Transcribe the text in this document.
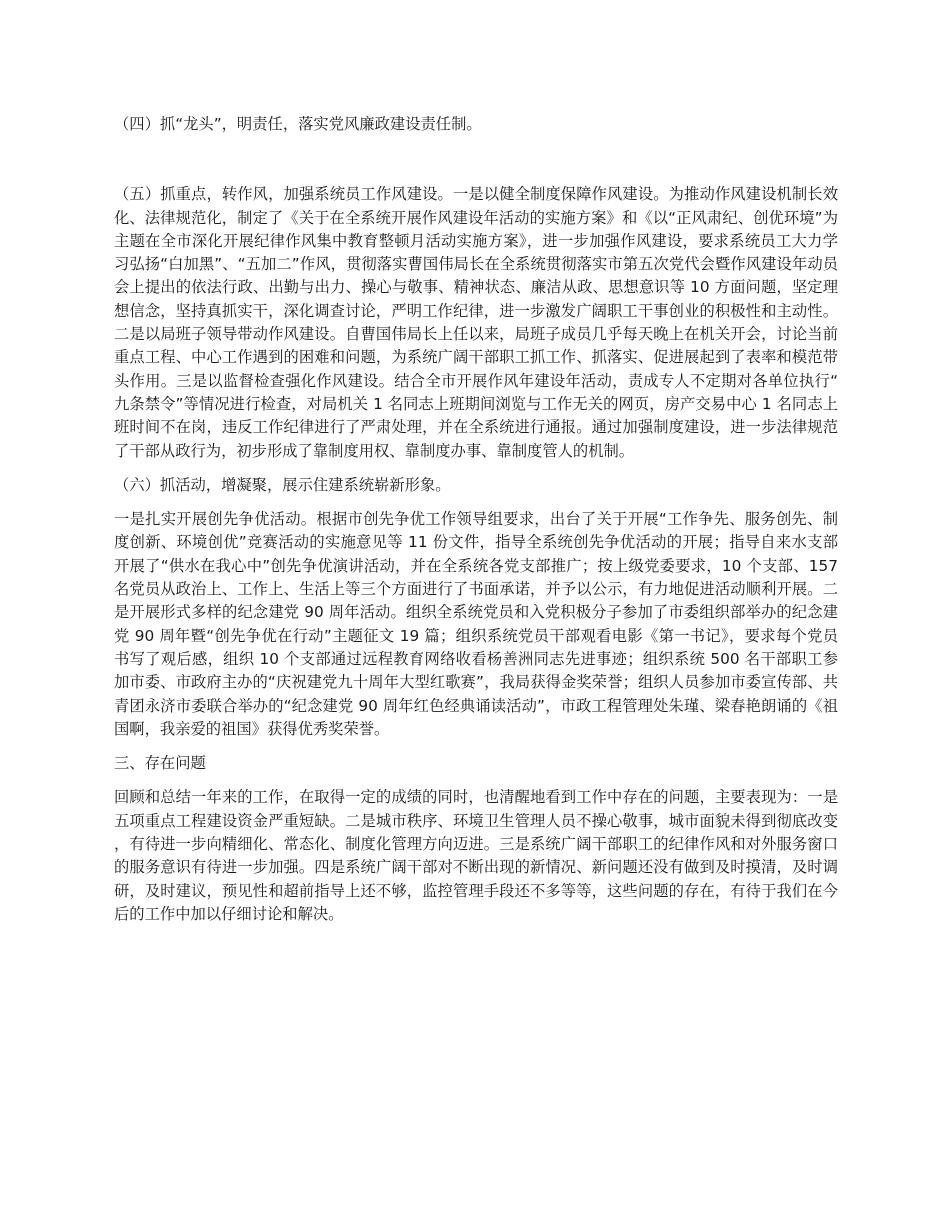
（四）抓“龙头”，明责任，落实党风廉政建设责任制。

（五）抓重点，转作风，加强系统员工作风建设。一是以健全制度保障作风建设。为推动作风建设机制长效化、法律规范化，制定了《关于在全系统开展作风建设年活动的实施方案》和《以“正风肃纪、创优环境”为主题在全市深化开展纪律作风集中教育整顿月活动实施方案》，进一步加强作风建设，要求系统员工大力学习弘扬“白加黑”、“五加二”作风，贯彻落实曹国伟局长在全系统贯彻落实市第五次党代会暨作风建设年动员会上提出的依法行政、出勤与出力、操心与敬事、精神状态、廉洁从政、思想意识等 10 方面问题，坚定理想信念，坚持真抓实干，深化调查讨论，严明工作纪律，进一步激发广阔职工干事创业的积极性和主动性。二是以局班子领导带动作风建设。自曹国伟局长上任以来，局班子成员几乎每天晚上在机关开会，讨论当前重点工程、中心工作遇到的困难和问题，为系统广阔干部职工抓工作、抓落实、促进展起到了表率和模范带头作用。三是以监督检查强化作风建设。结合全市开展作风年建设年活动，责成专人不定期对各单位执行“九条禁令”等情况进行检查，对局机关 1 名同志上班期间浏览与工作无关的网页，房产交易中心 1 名同志上班时间不在岗，违反工作纪律进行了严肃处理，并在全系统进行通报。通过加强制度建设，进一步法律规范了干部从政行为，初步形成了靠制度用权、靠制度办事、靠制度管人的机制。

（六）抓活动，增凝聚，展示住建系统崭新形象。

一是扎实开展创先争优活动。根据市创先争优工作领导组要求，出台了关于开展“工作争先、服务创先、制度创新、环境创优”竞赛活动的实施意见等 11 份文件，指导全系统创先争优活动的开展；指导自来水支部开展了“供水在我心中”创先争优演讲活动，并在全系统各党支部推广；按上级党委要求，10 个支部、157 名党员从政治上、工作上、生活上等三个方面进行了书面承诺，并予以公示，有力地促进活动顺利开展。二是开展形式多样的纪念建党 90 周年活动。组织全系统党员和入党积极分子参加了市委组织部举办的纪念建党 90 周年暨“创先争优在行动”主题征文 19 篇；组织系统党员干部观看电影《第一书记》，要求每个党员书写了观后感，组织 10 个支部通过远程教育网络收看杨善洲同志先进事迹；组织系统 500 名干部职工参加市委、市政府主办的“庆祝建党九十周年大型红歌赛”，我局获得金奖荣誉；组织人员参加市委宣传部、共青团永济市委联合举办的“纪念建党 90 周年红色经典诵读活动”，市政工程管理处朱瑾、梁春艳朗诵的《祖国啊，我亲爱的祖国》获得优秀奖荣誉。

三、存在问题

回顾和总结一年来的工作，在取得一定的成绩的同时，也清醒地看到工作中存在的问题，主要表现为：一是五项重点工程建设资金严重短缺。二是城市秩序、环境卫生管理人员不操心敬事，城市面貌未得到彻底改变，有待进一步向精细化、常态化、制度化管理方向迈进。三是系统广阔干部职工的纪律作风和对外服务窗口的服务意识有待进一步加强。四是系统广阔干部对不断出现的新情况、新问题还没有做到及时摸清，及时调研，及时建议，预见性和超前指导上还不够，监控管理手段还不多等等，这些问题的存在，有待于我们在今后的工作中加以仔细讨论和解决。
